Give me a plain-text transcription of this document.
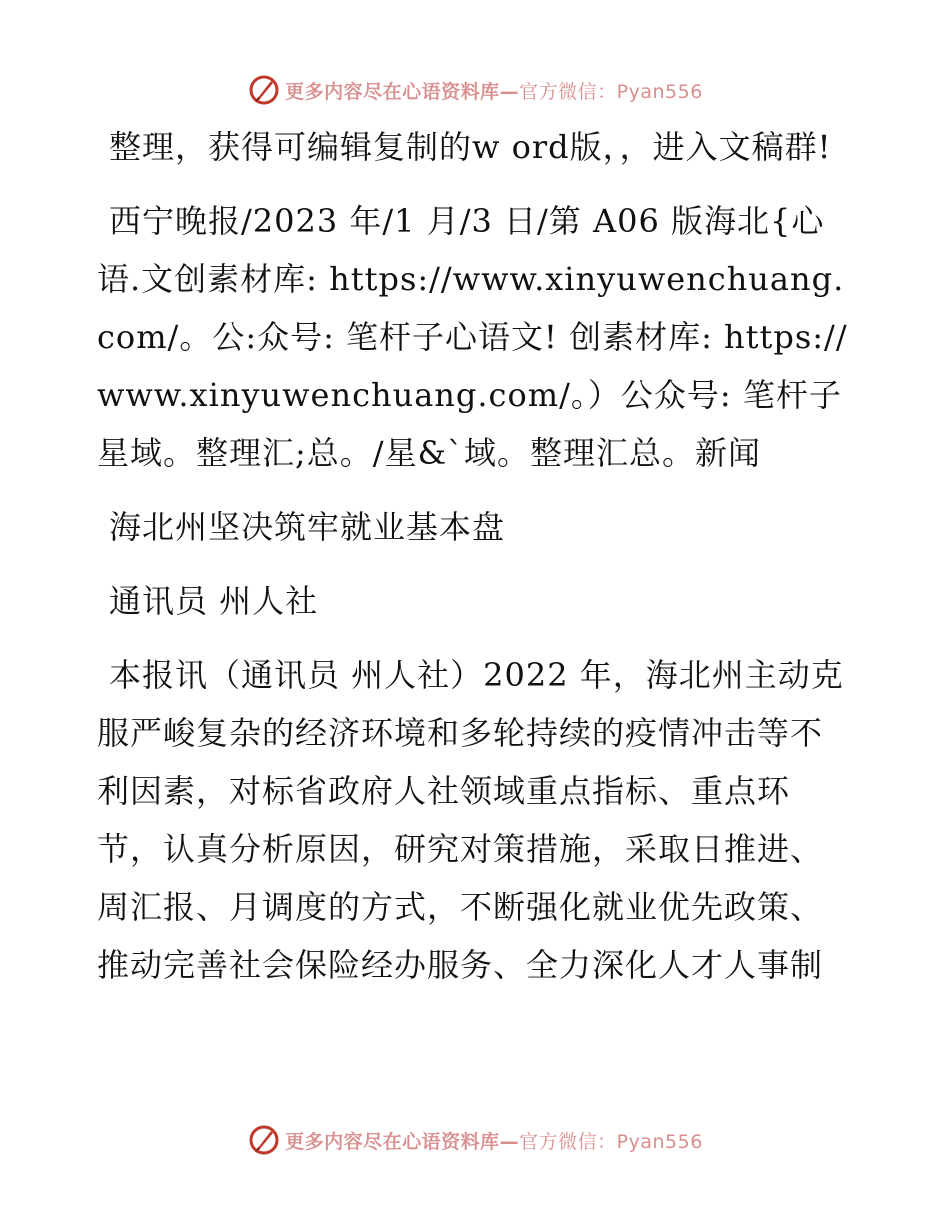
更多内容尽在心语资料库—官方微信：Pyan556

整理，获得可编辑复制的w ord版，，进入文稿群!

西宁晚报/2023 年/1 月/3 日/第 A06 版海北{心语.文创素材库: https://www.xinyuwenchuang.com/。公:众号: 笔杆子心语文! 创素材库: https://www.xinyuwenchuang.com/。）公众号: 笔杆子星域。整理汇;总。/星&`域。整理汇总。新闻

海北州坚决筑牢就业基本盘

通讯员 州人社

本报讯（通讯员 州人社）2022 年，海北州主动克服严峻复杂的经济环境和多轮持续的疫情冲击等不利因素，对标省政府人社领域重点指标、重点环节，认真分析原因，研究对策措施，采取日推进、周汇报、月调度的方式，不断强化就业优先政策、推动完善社会保险经办服务、全力深化人才人事制

更多内容尽在心语资料库—官方微信：Pyan556
